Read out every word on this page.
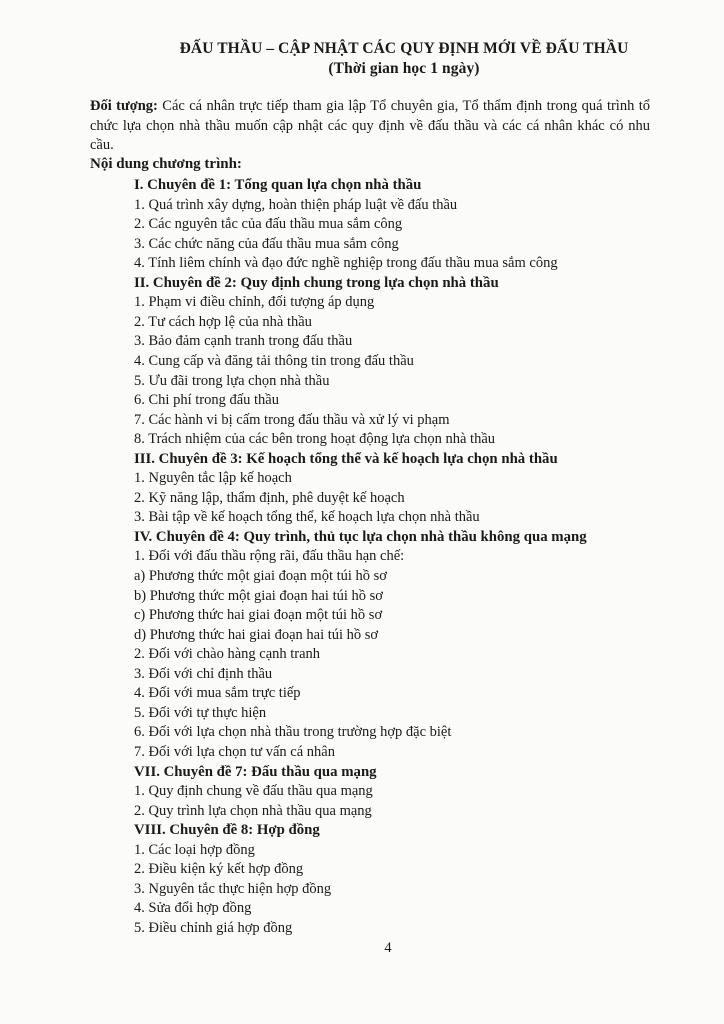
ĐẤU THẦU – CẬP NHẬT CÁC QUY ĐỊNH MỚI VỀ ĐẤU THẦU
(Thời gian học 1 ngày)
Đối tượng: Các cá nhân trực tiếp tham gia lập Tổ chuyên gia, Tổ thẩm định trong quá trình tổ chức lựa chọn nhà thầu muốn cập nhật các quy định về đấu thầu và các cá nhân khác có nhu cầu.
Nội dung chương trình:
I. Chuyên đề 1: Tổng quan lựa chọn nhà thầu
1. Quá trình xây dựng, hoàn thiện pháp luật về đấu thầu
2. Các nguyên tắc của đấu thầu mua sắm công
3. Các chức năng của đấu thầu mua sắm công
4. Tính liêm chính và đạo đức nghề nghiệp trong đấu thầu mua sắm công
II. Chuyên đề 2: Quy định chung trong lựa chọn nhà thầu
1. Phạm vi điều chỉnh, đối tượng áp dụng
2. Tư cách hợp lệ của nhà thầu
3. Bảo đảm cạnh tranh trong đấu thầu
4. Cung cấp và đăng tải thông tin trong đấu thầu
5. Ưu đãi trong lựa chọn nhà thầu
6. Chi phí trong đấu thầu
7. Các hành vi bị cấm trong đấu thầu và xử lý vi phạm
8. Trách nhiệm của các bên trong hoạt động lựa chọn nhà thầu
III. Chuyên đề 3: Kế hoạch tổng thể và kế hoạch lựa chọn nhà thầu
1. Nguyên tắc lập kế hoạch
2. Kỹ năng lập, thẩm định, phê duyệt kế hoạch
3. Bài tập về kế hoạch tổng thể, kế hoạch lựa chọn nhà thầu
IV. Chuyên đề 4: Quy trình, thủ tục lựa chọn nhà thầu không qua mạng
1. Đối với đấu thầu rộng rãi, đấu thầu hạn chế:
a) Phương thức một giai đoạn một túi hồ sơ
b) Phương thức một giai đoạn hai túi hồ sơ
c) Phương thức hai giai đoạn một túi hồ sơ
d) Phương thức hai giai đoạn hai túi hồ sơ
2. Đối với chào hàng cạnh tranh
3. Đối với chỉ định thầu
4. Đối với mua sắm trực tiếp
5. Đối với tự thực hiện
6. Đối với lựa chọn nhà thầu trong trường hợp đặc biệt
7. Đối với lựa chọn tư vấn cá nhân
VII. Chuyên đề 7: Đấu thầu qua mạng
1. Quy định chung về đấu thầu qua mạng
2. Quy trình lựa chọn nhà thầu qua mạng
VIII. Chuyên đề 8: Hợp đồng
1. Các loại hợp đồng
2. Điều kiện ký kết hợp đồng
3. Nguyên tắc thực hiện hợp đồng
4. Sửa đổi hợp đồng
5. Điều chỉnh giá hợp đồng
4
